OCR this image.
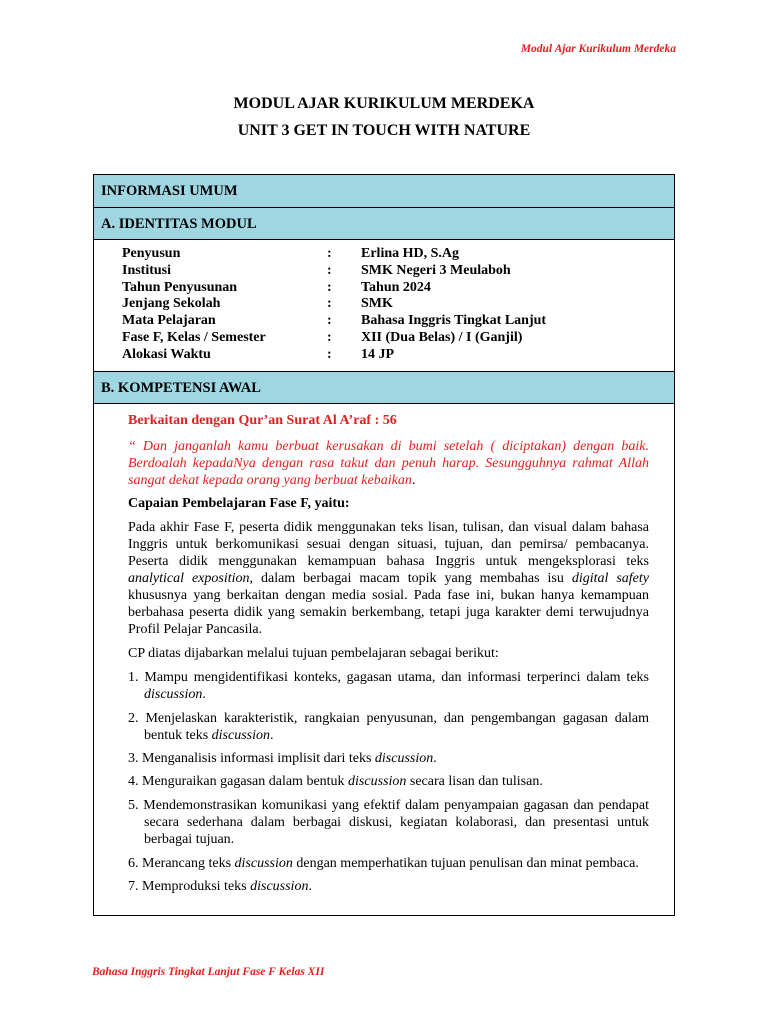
Modul Ajar Kurikulum Merdeka
MODUL AJAR KURIKULUM MERDEKA
UNIT 3 GET IN TOUCH WITH NATURE
INFORMASI UMUM
A. IDENTITAS MODUL
Penyusun	:	Erlina HD, S.Ag
Institusi	:	SMK Negeri 3 Meulaboh
Tahun Penyusunan	:	Tahun 2024
Jenjang Sekolah	:	SMK
Mata Pelajaran	:	Bahasa Inggris Tingkat Lanjut
Fase F, Kelas / Semester	:	XII (Dua Belas) / I (Ganjil)
Alokasi Waktu	:	14 JP
B. KOMPETENSI AWAL

Berkaitan dengan Qur’an Surat Al A’raf : 56

“ Dan janganlah kamu berbuat kerusakan di bumi setelah ( diciptakan) dengan baik. Berdoalah kepadaNya dengan rasa takut dan penuh harap. Sesungguhnya rahmat Allah sangat dekat kepada orang yang berbuat kebaikan.

Capaian Pembelajaran Fase F, yaitu:

Pada akhir Fase F, peserta didik menggunakan teks lisan, tulisan, dan visual dalam bahasa Inggris untuk berkomunikasi sesuai dengan situasi, tujuan, dan pemirsa/ pembacanya. Peserta didik menggunakan kemampuan bahasa Inggris untuk mengeksplorasi teks analytical exposition, dalam berbagai macam topik yang membahas isu digital safety khususnya yang berkaitan dengan media sosial. Pada fase ini, bukan hanya kemampuan berbahasa peserta didik yang semakin berkembang, tetapi juga karakter demi terwujudnya Profil Pelajar Pancasila.

CP diatas dijabarkan melalui tujuan pembelajaran sebagai berikut:

1. Mampu mengidentifikasi konteks, gagasan utama, dan informasi terperinci dalam teks discussion.
2. Menjelaskan karakteristik, rangkaian penyusunan, dan pengembangan gagasan dalam bentuk teks discussion.
3. Menganalisis informasi implisit dari teks discussion.
4. Menguraikan gagasan dalam bentuk discussion secara lisan dan tulisan.
5. Mendemonstrasikan komunikasi yang efektif dalam penyampaian gagasan dan pendapat secara sederhana dalam berbagai diskusi, kegiatan kolaborasi, dan presentasi untuk berbagai tujuan.
6. Merancang teks discussion dengan memperhatikan tujuan penulisan dan minat pembaca.
7. Memproduksi teks discussion.
Bahasa Inggris Tingkat Lanjut Fase F Kelas XII
